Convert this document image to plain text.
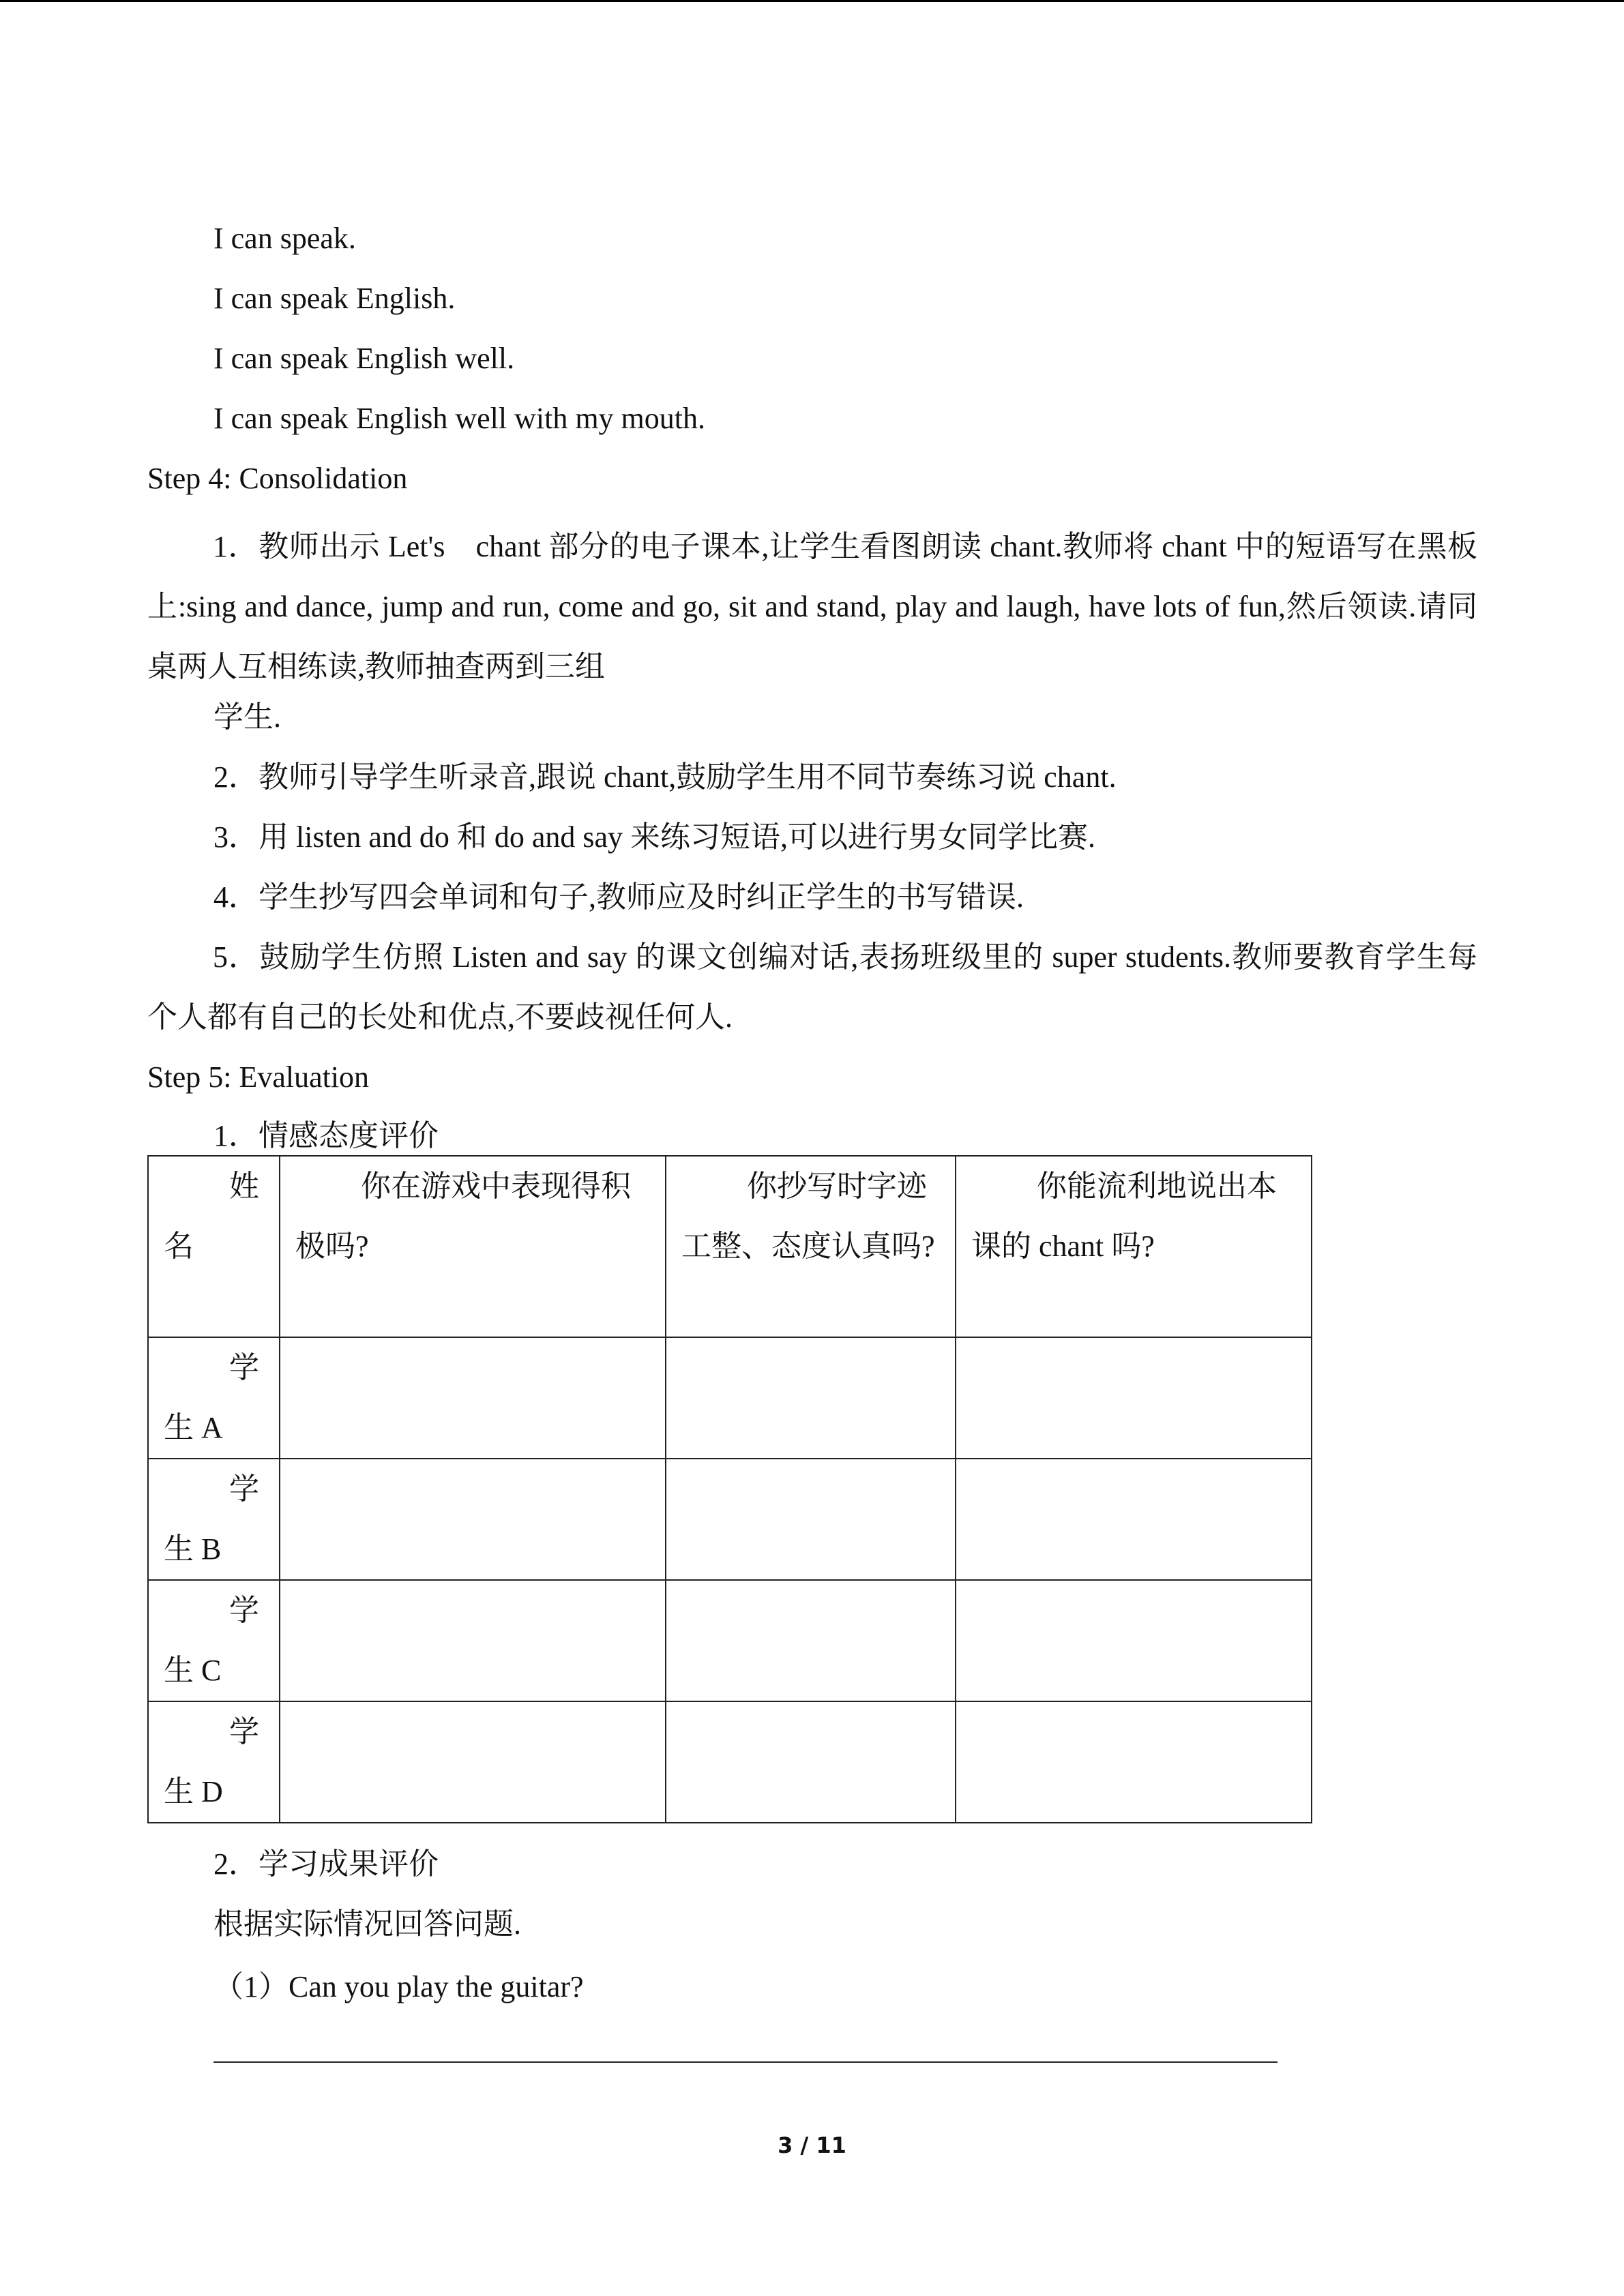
I can speak.
I can speak English.
I can speak English well.
I can speak English well with my mouth.
Step 4: Consolidation
1．教师出示 Let's　chant 部分的电子课本,让学生看图朗读 chant.教师将 chant 中的短语写在黑板上:sing and dance, jump and run, come and go, sit and stand, play and laugh, have lots of fun,然后领读.请同桌两人互相练读,教师抽查两到三组
学生.
2．教师引导学生听录音,跟说 chant,鼓励学生用不同节奏练习说 chant.
3．用 listen and do 和 do and say 来练习短语,可以进行男女同学比赛.
4．学生抄写四会单词和句子,教师应及时纠正学生的书写错误.
5．鼓励学生仿照 Listen and say 的课文创编对话,表扬班级里的 super students.教师要教育学生每个人都有自己的长处和优点,不要歧视任何人.
Step 5: Evaluation
1．情感态度评价
姓名	你在游戏中表现得积极吗?	你抄写时字迹工整、态度认真吗?	你能流利地说出本课的 chant 吗?
学生 A			
学生 B			
学生 C			
学生 D			
2．学习成果评价
根据实际情况回答问题.
（1）Can you play the guitar?
3 / 11
